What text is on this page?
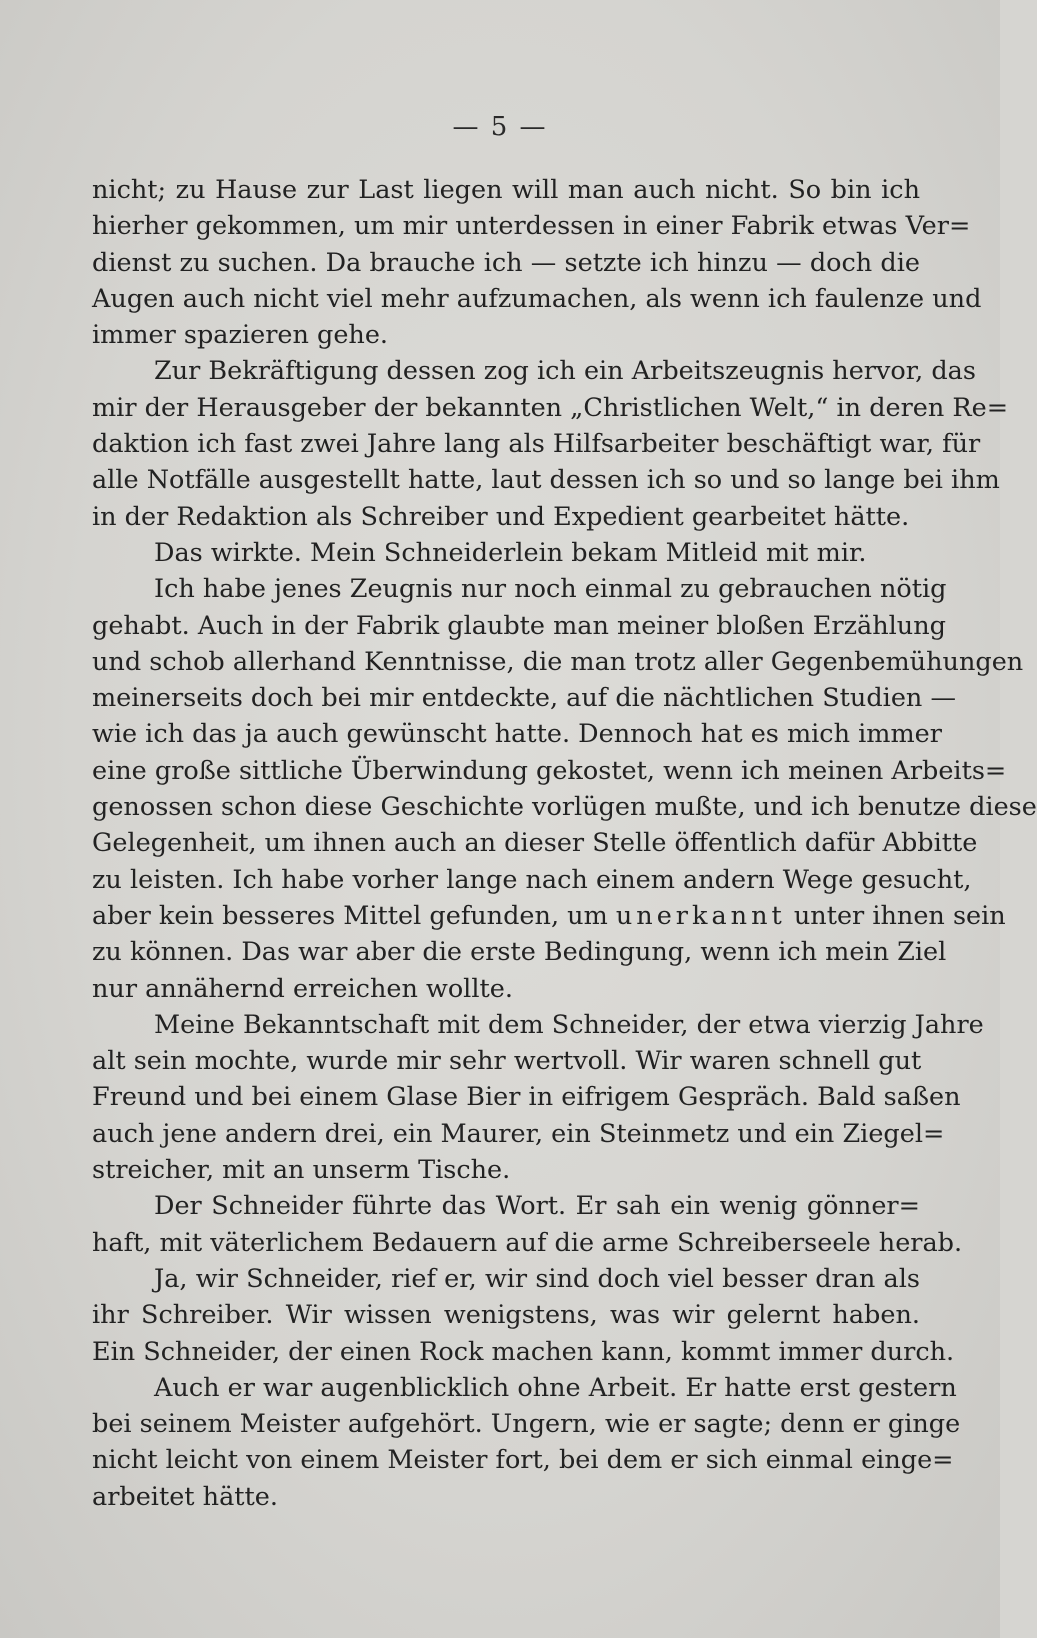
— 5 —
nicht; zu Hause zur Last liegen will man auch nicht. So bin ich
hierher gekommen, um mir unterdessen in einer Fabrik etwas Ver=
dienst zu suchen. Da brauche ich — setzte ich hinzu — doch die
Augen auch nicht viel mehr aufzumachen, als wenn ich faulenze und
immer spazieren gehe.
Zur Bekräftigung dessen zog ich ein Arbeitszeugnis hervor, das
mir der Herausgeber der bekannten „Christlichen Welt,“ in deren Re=
daktion ich fast zwei Jahre lang als Hilfsarbeiter beschäftigt war, für
alle Notfälle ausgestellt hatte, laut dessen ich so und so lange bei ihm
in der Redaktion als Schreiber und Expedient gearbeitet hätte.
Das wirkte. Mein Schneiderlein bekam Mitleid mit mir.
Ich habe jenes Zeugnis nur noch einmal zu gebrauchen nötig
gehabt. Auch in der Fabrik glaubte man meiner bloßen Erzählung
und schob allerhand Kenntnisse, die man trotz aller Gegenbemühungen
meinerseits doch bei mir entdeckte, auf die nächtlichen Studien —
wie ich das ja auch gewünscht hatte. Dennoch hat es mich immer
eine große sittliche Überwindung gekostet, wenn ich meinen Arbeits=
genossen schon diese Geschichte vorlügen mußte, und ich benutze diese
Gelegenheit, um ihnen auch an dieser Stelle öffentlich dafür Abbitte
zu leisten. Ich habe vorher lange nach einem andern Wege gesucht,
aber kein besseres Mittel gefunden, um unerkannt unter ihnen sein
zu können. Das war aber die erste Bedingung, wenn ich mein Ziel
nur annähernd erreichen wollte.
Meine Bekanntschaft mit dem Schneider, der etwa vierzig Jahre
alt sein mochte, wurde mir sehr wertvoll. Wir waren schnell gut
Freund und bei einem Glase Bier in eifrigem Gespräch. Bald saßen
auch jene andern drei, ein Maurer, ein Steinmetz und ein Ziegel=
streicher, mit an unserm Tische.
Der Schneider führte das Wort. Er sah ein wenig gönner=
haft, mit väterlichem Bedauern auf die arme Schreiberseele herab.
Ja, wir Schneider, rief er, wir sind doch viel besser dran als
ihr Schreiber. Wir wissen wenigstens, was wir gelernt haben.
Ein Schneider, der einen Rock machen kann, kommt immer durch.
Auch er war augenblicklich ohne Arbeit. Er hatte erst gestern
bei seinem Meister aufgehört. Ungern, wie er sagte; denn er ginge
nicht leicht von einem Meister fort, bei dem er sich einmal einge=
arbeitet hätte.
